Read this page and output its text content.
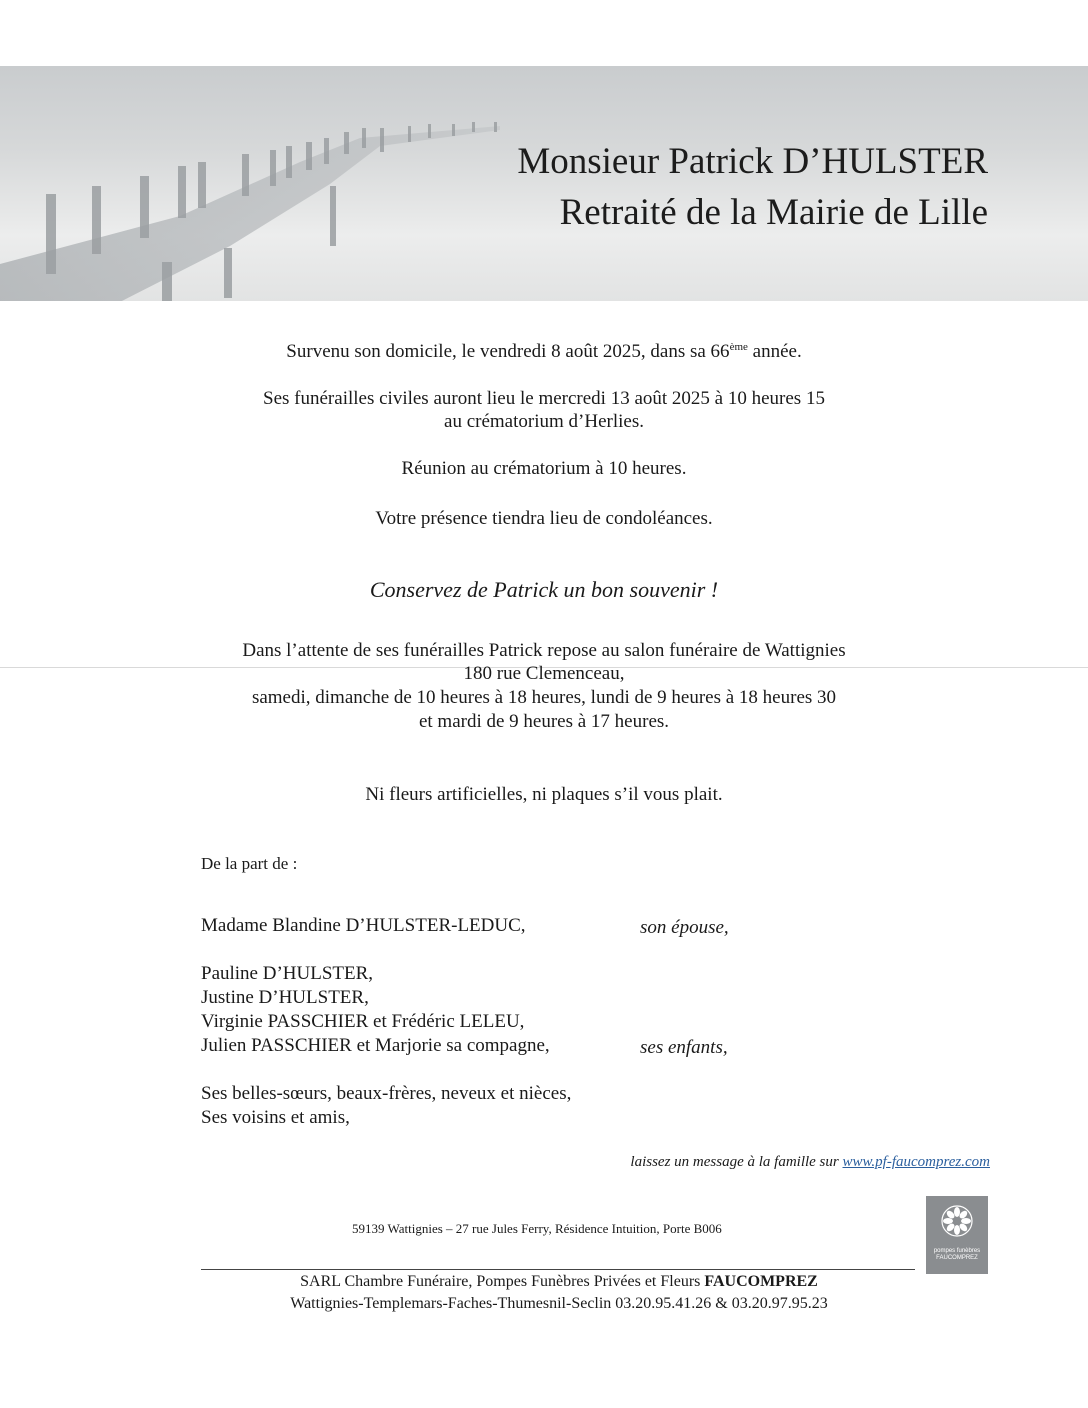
Monsieur Patrick D’HULSTER
Retraité de la Mairie de Lille
Survenu son domicile, le vendredi 8 août 2025, dans sa 66ème année.
Ses funérailles civiles auront lieu le mercredi 13 août 2025 à 10 heures 15
au crématorium d’Herlies.
Réunion au crématorium à 10 heures.
Votre présence tiendra lieu de condoléances.
Conservez de Patrick un bon souvenir !
Dans l’attente de ses funérailles Patrick repose au salon funéraire de Wattignies
180 rue Clemenceau,
samedi, dimanche de 10 heures à 18 heures, lundi de 9 heures à 18 heures 30
et mardi de 9 heures à 17 heures.
Ni fleurs artificielles, ni plaques s’il vous plait.
De la part de :
Madame Blandine D’HULSTER-LEDUC,	son épouse,
Pauline D’HULSTER,
Justine D’HULSTER,
Virginie PASSCHIER et Frédéric LELEU,
Julien PASSCHIER et Marjorie sa compagne,	ses enfants,
Ses belles-sœurs, beaux-frères, neveux et nièces,
Ses voisins et amis,
laissez un message à la famille sur www.pf-faucomprez.com
59139 Wattignies – 27 rue Jules Ferry, Résidence Intuition, Porte B006
pompes funèbres
FAUCOMPREZ
SARL Chambre Funéraire, Pompes Funèbres Privées et Fleurs FAUCOMPREZ
Wattignies-Templemars-Faches-Thumesnil-Seclin 03.20.95.41.26 & 03.20.97.95.23
